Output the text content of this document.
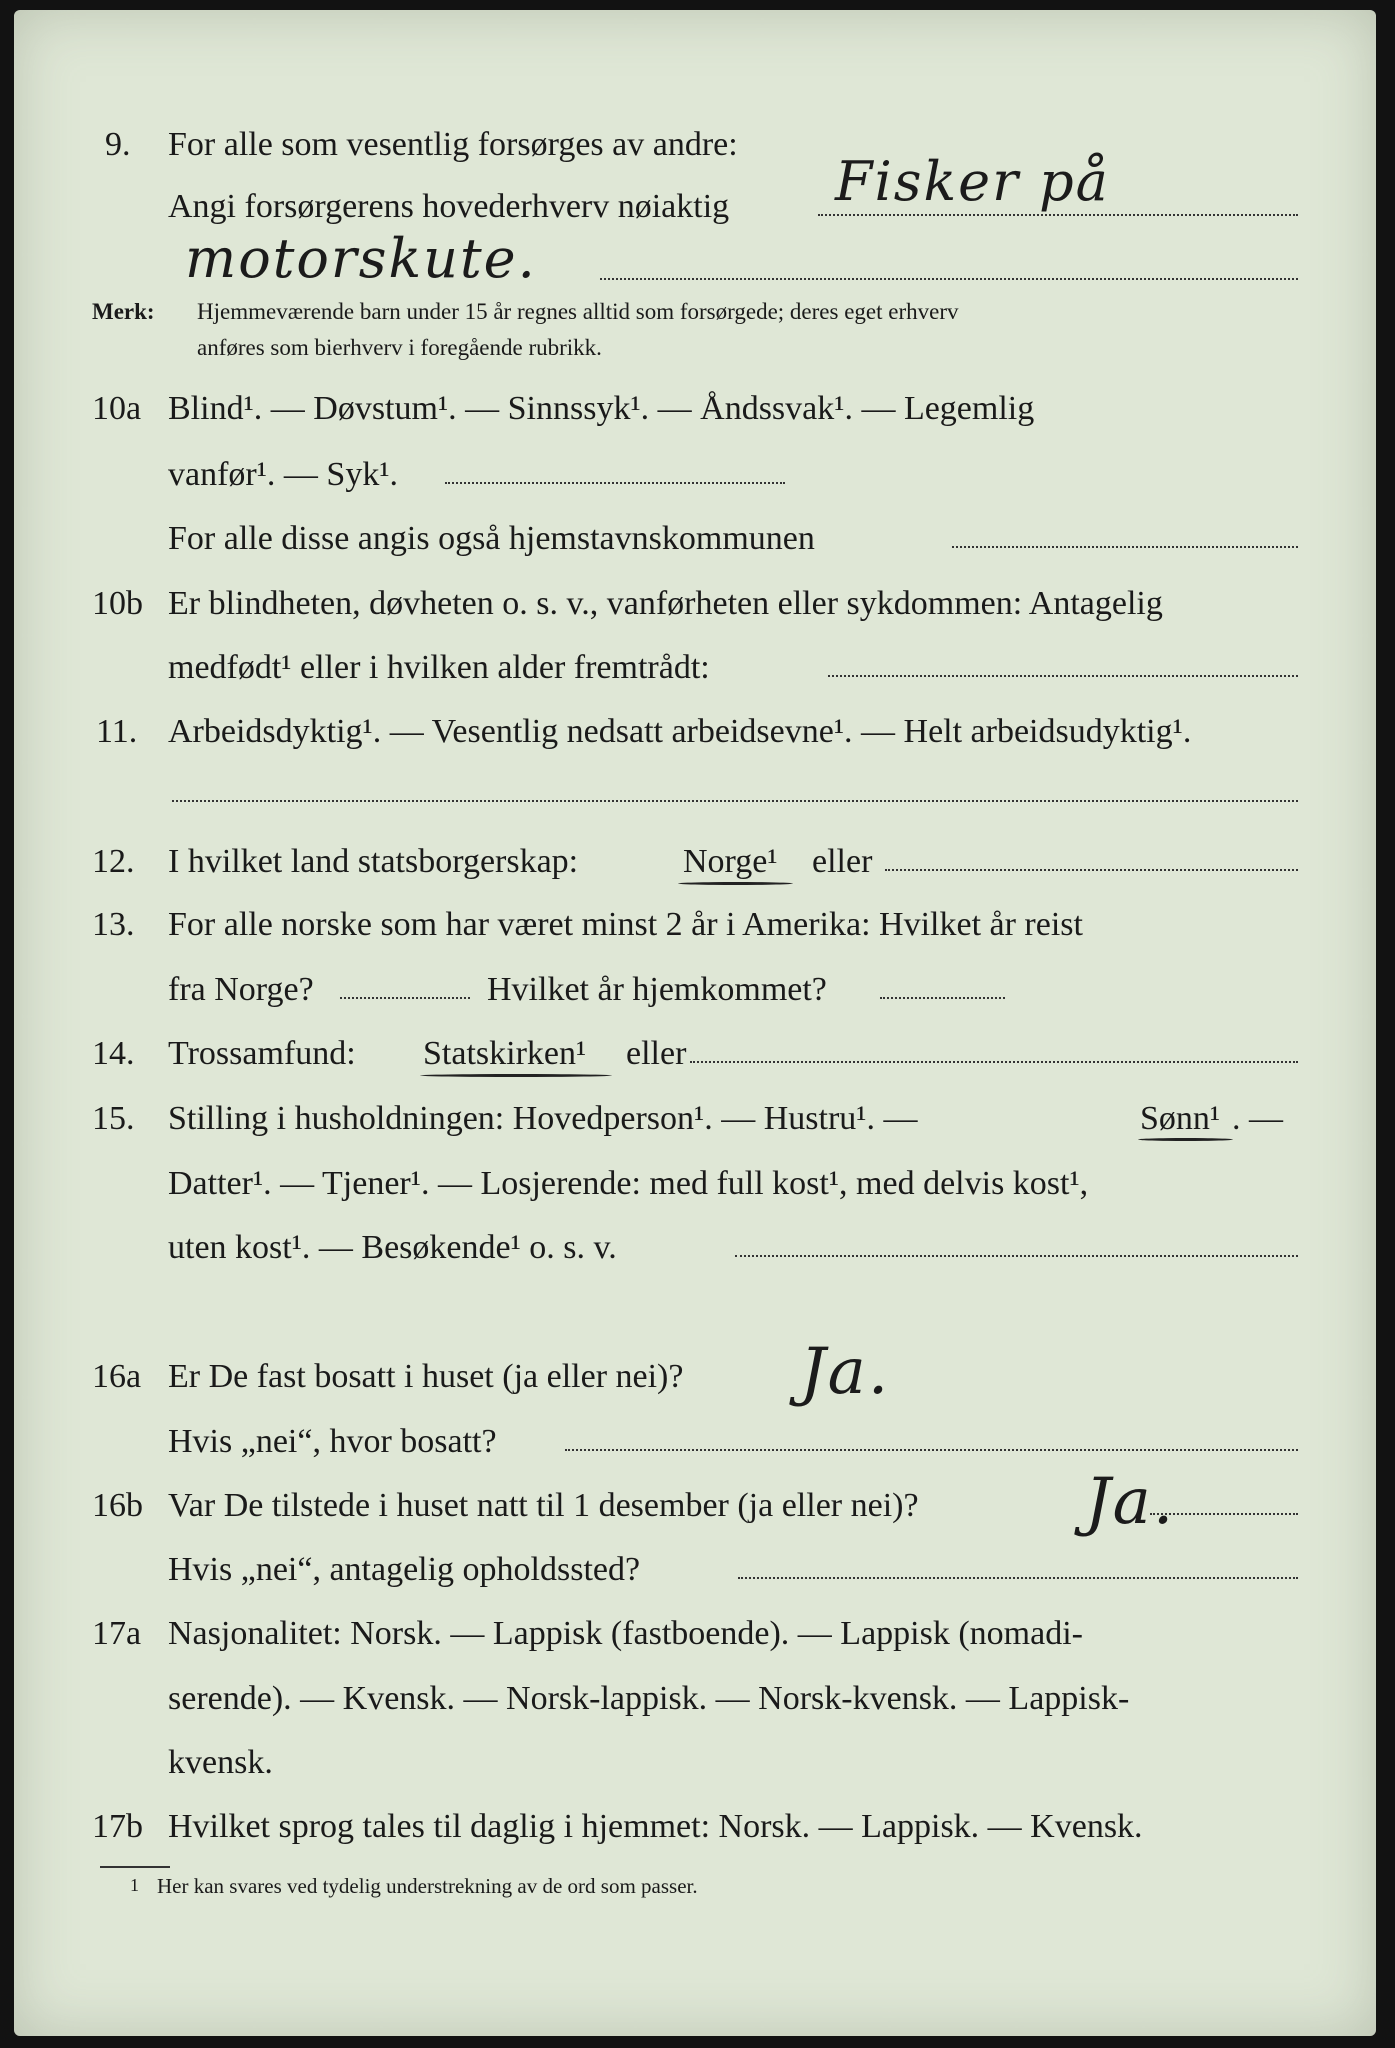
9. For alle som vesentlig forsørges av andre:
Angi forsørgerens hovederhverv nøiaktig Fisker på
motorskute.
Merk: Hjemmeværende barn under 15 år regnes alltid som forsørgede; deres eget erhverv
anføres som bierhverv i foregående rubrikk.
10a Blind¹. — Døvstum¹. — Sinnssyk¹. — Åndssvak¹. — Legemlig
vanfør¹. — Syk¹.
For alle disse angis også hjemstavnskommunen
10b Er blindheten, døvheten o. s. v., vanførheten eller sykdommen: Antagelig
medfødt¹ eller i hvilken alder fremtrådt:
11. Arbeidsdyktig¹. — Vesentlig nedsatt arbeidsevne¹. — Helt arbeidsudyktig¹.
12. I hvilket land statsborgerskap:	Norge¹ eller
13. For alle norske som har været minst 2 år i Amerika: Hvilket år reist
fra Norge?	Hvilket år hjemkommet?
14. Trossamfund: Statskirken¹ eller
15. Stilling i husholdningen: Hovedperson¹. — Hustru¹. —	Sønn¹ . —
Datter¹. — Tjener¹. — Losjerende: med full kost¹, med delvis kost¹,
uten kost¹. — Besøkende¹ o. s. v.
16a Er De fast bosatt i huset (ja eller nei)? Ja.
Hvis „nei“, hvor bosatt?
16b Var De tilstede i huset natt til 1 desember (ja eller nei)?	Ja.
Hvis „nei“, antagelig opholdssted?
17a Nasjonalitet: Norsk. — Lappisk (fastboende). — Lappisk (nomadi-
serende). — Kvensk. — Norsk-lappisk. — Norsk-kvensk. — Lappisk-
kvensk.
17b Hvilket sprog tales til daglig i hjemmet: Norsk. — Lappisk. — Kvensk.
1 Her kan svares ved tydelig understrekning av de ord som passer.
